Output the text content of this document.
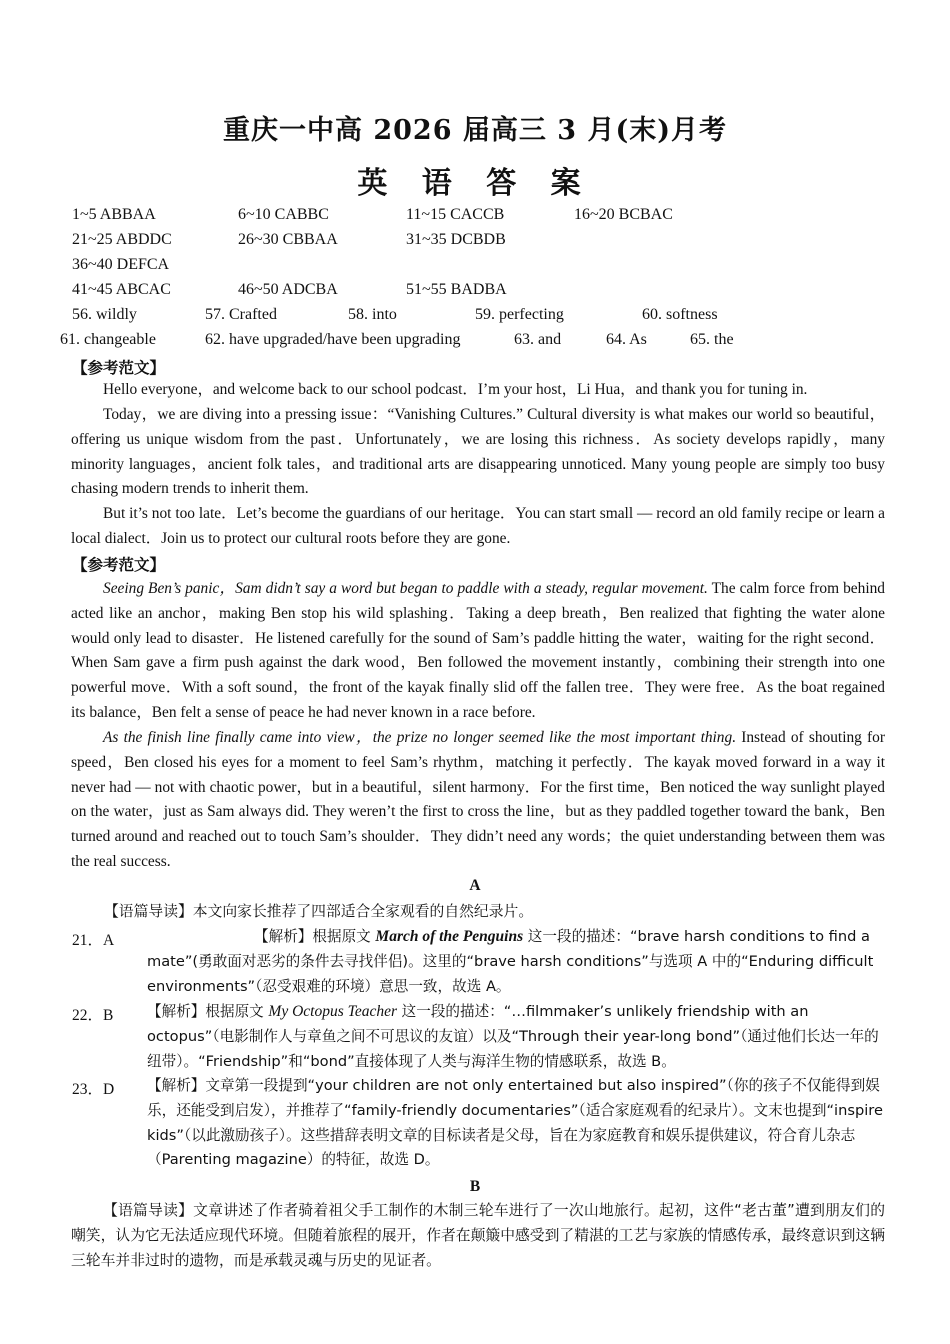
重庆一中高 2026 届高三 3 月(末)月考
英 语 答 案
1~5 ABBAA	6~10 CABBC	11~15 CACCB	16~20 BCBAC
21~25 ABDDC	26~30 CBBAA	31~35 DCBDB
36~40 DEFCA
41~45 ABCAC	46~50 ADCBA	51~55 BADBA
56. wildly	57. Crafted	58. into	59. perfecting	60. softness
61. changeable	62. have upgraded/have been upgrading	63. and	64. As	65. the
【参考范文】

Hello everyone，and welcome back to our school podcast．I’m your host，Li Hua，and thank you for tuning in.

Today，we are diving into a pressing issue：“Vanishing Cultures.” Cultural diversity is what makes our world so beautiful，offering us unique wisdom from the past．Unfortunately，we are losing this richness．As society develops rapidly，many minority languages，ancient folk tales，and traditional arts are disappearing unnoticed. Many young people are simply too busy chasing modern trends to inherit them.

But it’s not too late．Let’s become the guardians of our heritage．You can start small — record an old family recipe or learn a local dialect．Join us to protect our cultural roots before they are gone.

【参考范文】

Seeing Ben’s panic，Sam didn’t say a word but began to paddle with a steady, regular movement. The calm force from behind acted like an anchor，making Ben stop his wild splashing．Taking a deep breath，Ben realized that fighting the water alone would only lead to disaster．He listened carefully for the sound of Sam’s paddle hitting the water，waiting for the right second．When Sam gave a firm push against the dark wood，Ben followed the movement instantly，combining their strength into one powerful move．With a soft sound，the front of the kayak finally slid off the fallen tree．They were free．As the boat regained its balance，Ben felt a sense of peace he had never known in a race before.

As the finish line finally came into view，the prize no longer seemed like the most important thing. Instead of shouting for speed，Ben closed his eyes for a moment to feel Sam’s rhythm，matching it perfectly．The kayak moved forward in a way it never had — not with chaotic power，but in a beautiful，silent harmony．For the first time，Ben noticed the way sunlight played on the water，just as Sam always did. They weren’t the first to cross the line，but as they paddled together toward the bank，Ben turned around and reached out to touch Sam’s shoulder．They didn’t need any words；the quiet understanding between them was the real success.

A

【语篇导读】本文向家长推荐了四部适合全家观看的自然纪录片。

21．A	【解析】根据原文 March of the Penguins 这一段的描述：“brave harsh conditions to find a mate”(勇敢面对恶劣的条件去寻找伴侣)。这里的“brave harsh conditions”与选项 A 中的“Enduring difficult environments”（忍受艰难的环境）意思一致，故选 A。

22．B 【解析】根据原文 My Octopus Teacher 这一段的描述：“…filmmaker’s unlikely friendship with an octopus”（电影制作人与章鱼之间不可思议的友谊）以及“Through their year-long bond”（通过他们长达一年的纽带）。“Friendship”和“bond”直接体现了人类与海洋生物的情感联系，故选 B。

23．D 【解析】文章第一段提到“your children are not only entertained but also inspired”（你的孩子不仅能得到娱乐，还能受到启发），并推荐了“family-friendly documentaries”（适合家庭观看的纪录片）。文末也提到“inspire kids”（以此激励孩子）。这些措辞表明文章的目标读者是父母，旨在为家庭教育和娱乐提供建议，符合育儿杂志（Parenting magazine）的特征，故选 D。

B

【语篇导读】文章讲述了作者骑着祖父手工制作的木制三轮车进行了一次山地旅行。起初，这件“老古董”遭到朋友们的嘲笑，认为它无法适应现代环境。但随着旅程的展开，作者在颠簸中感受到了精湛的工艺与家族的情感传承，最终意识到这辆三轮车并非过时的遗物，而是承载灵魂与历史的见证者。
